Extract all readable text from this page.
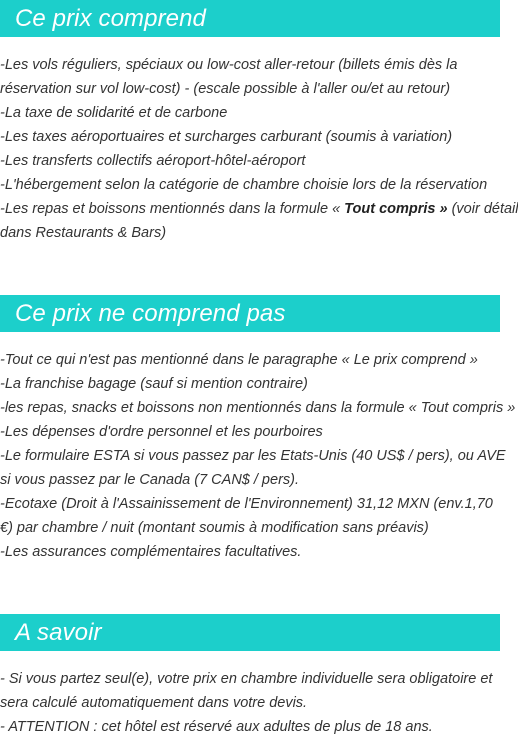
Ce prix comprend
-Les vols réguliers, spéciaux ou low-cost aller-retour (billets émis dès la
réservation sur vol low-cost) - (escale possible à l'aller ou/et au retour)
-La taxe de solidarité et de carbone
-Les taxes aéroportuaires et surcharges carburant (soumis à variation)
-Les transferts collectifs aéroport-hôtel-aéroport
-L'hébergement selon la catégorie de chambre choisie lors de la réservation
-Les repas et boissons mentionnés dans la formule « Tout compris » (voir détail
dans Restaurants & Bars)
Ce prix ne comprend pas
-Tout ce qui n'est pas mentionné dans le paragraphe « Le prix comprend »
-La franchise bagage (sauf si mention contraire)
-les repas, snacks et boissons non mentionnés dans la formule « Tout compris »
-Les dépenses d'ordre personnel et les pourboires
-Le formulaire ESTA si vous passez par les Etats-Unis (40 US$ / pers), ou AVE
si vous passez par le Canada (7 CAN$ / pers).
-Ecotaxe (Droit à l'Assainissement de l'Environnement) 31,12 MXN (env.1,70
€) par chambre / nuit (montant soumis à modification sans préavis)
-Les assurances complémentaires facultatives.
A savoir
- Si vous partez seul(e), votre prix en chambre individuelle sera obligatoire et
sera calculé automatiquement dans votre devis.
- ATTENTION : cet hôtel est réservé aux adultes de plus de 18 ans.
